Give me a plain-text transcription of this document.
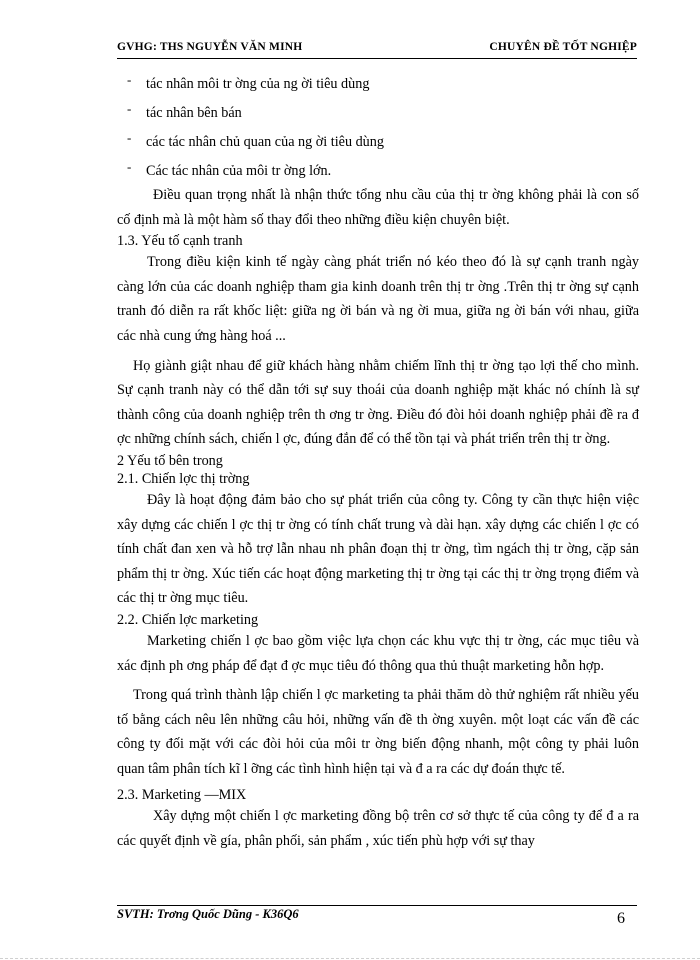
GVHG: THS NGUYỄN VĂN MINH	CHUYÊN ĐỀ TỐT NGHIỆP
- tác nhân môi tr ờng của ng ời tiêu dùng
- tác nhân bên bán
- các tác nhân chủ quan của ng ời tiêu dùng
- Các tác nhân của môi tr ờng lớn.

Điều quan trọng nhất là nhận thức tổng nhu cầu của thị tr ờng không phải là con số cố định mà là một hàm số thay đổi theo những điều kiện chuyên biệt.

1.3. Yếu tố cạnh tranh

Trong điều kiện kinh tế ngày càng phát triển nó kéo theo đó là sự cạnh tranh ngày càng lớn của các doanh nghiệp tham gia kinh doanh trên thị tr ờng .Trên thị tr ờng sự cạnh tranh đó diễn ra rất khốc liệt: giữa ng ời bán và ng ời mua, giữa ng ời bán với nhau, giữa các nhà cung ứng hàng hoá ...

Họ giành giật nhau để giữ khách hàng nhằm chiếm lĩnh thị tr ờng tạo lợi thế cho mình. Sự cạnh tranh này có thể dẫn tới sự suy thoái của doanh nghiệp mặt khác nó chính là sự thành công của doanh nghiệp trên th ơng tr ờng. Điều đó đòi hỏi doanh nghiệp phải đề ra đ ợc những chính sách, chiến l ợc, đúng đắn để có thể tồn tại và phát triển trên thị tr ờng.

2 Yếu tố bên trong

2.1. Chiến lợc thị trờng

Đây là hoạt động đảm bảo cho sự phát triển của công ty. Công ty cần thực hiện việc xây dựng các chiến l ợc thị tr ờng có tính chất trung và dài hạn. xây dựng các chiến l ợc có tính chất đan xen và hỗ trợ lẫn nhau nh phân đoạn thị tr ờng, tìm ngách thị tr ờng, cặp sản phẩm thị tr ờng. Xúc tiến các hoạt động marketing thị tr ờng tại các thị tr ờng trọng điểm và các thị tr ờng mục tiêu.

2.2. Chiến lợc marketing

Marketing chiến l ợc bao gồm việc lựa chọn các khu vực thị tr ờng, các mục tiêu và xác định ph ơng pháp để đạt đ ợc mục tiêu đó thông qua thủ thuật marketing hỗn hợp.

Trong quá trình thành lập chiến l ợc marketing ta phải thăm dò thử nghiệm rất nhiều yếu tố bằng cách nêu lên những câu hỏi, những vấn đề th ờng xuyên. một loạt các vấn đề các công ty đối mặt với các đòi hỏi của môi tr ờng biến động nhanh, một công ty phải luôn quan tâm phân tích kĩ l ỡng các tình hình hiện tại và đ a ra các dự đoán thực tế.

2.3. Marketing —MIX

Xây dựng một chiến l ợc marketing đồng bộ trên cơ sở thực tế của công ty để đ a ra các quyết định về gía, phân phối, sản phẩm , xúc tiến phù hợp với sự thay

SVTH: Trơng Quốc Dũng - K36Q6	6
